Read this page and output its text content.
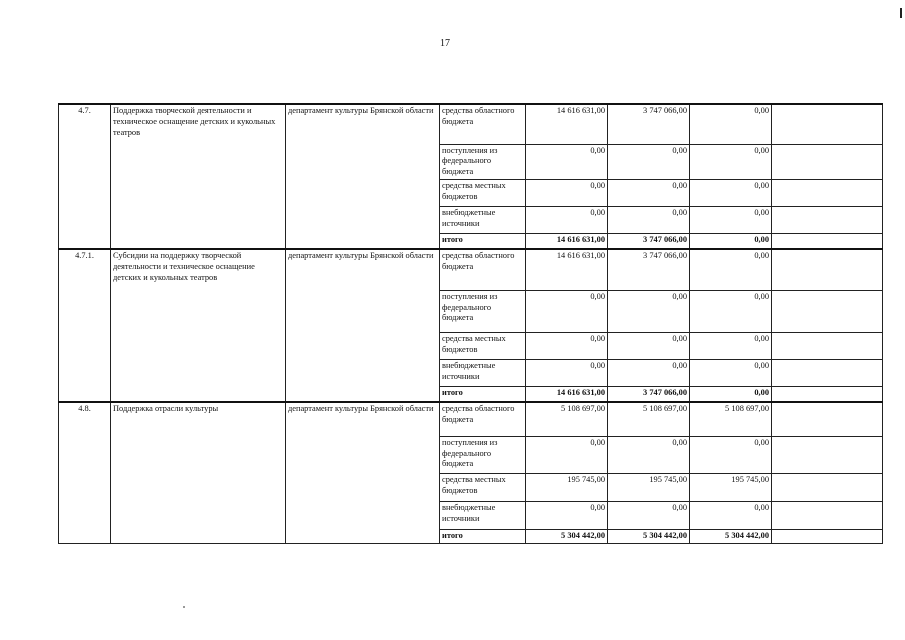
17
4.7.	Поддержка творческой деятельности и техническое оснащение детских и кукольных театров	департамент культуры Брянской области	средства областного бюджета	14 616 631,00	3 747 066,00	0,00	
			поступления из федерального бюджета	0,00	0,00	0,00	
			средства местных бюджетов	0,00	0,00	0,00	
			внебюджетные источники	0,00	0,00	0,00	
			итого	14 616 631,00	3 747 066,00	0,00	
4.7.1.	Субсидии на поддержку творческой деятельности и техническое оснащение детских и кукольных театров	департамент культуры Брянской области	средства областного бюджета	14 616 631,00	3 747 066,00	0,00	
			поступления из федерального бюджета	0,00	0,00	0,00	
			средства местных бюджетов	0,00	0,00	0,00	
			внебюджетные источники	0,00	0,00	0,00	
			итого	14 616 631,00	3 747 066,00	0,00	
4.8.	Поддержка отрасли культуры	департамент культуры Брянской области	средства областного бюджета	5 108 697,00	5 108 697,00	5 108 697,00	
			поступления из федерального бюджета	0,00	0,00	0,00	
			средства местных бюджетов	195 745,00	195 745,00	195 745,00	
			внебюджетные источники	0,00	0,00	0,00	
			итого	5 304 442,00	5 304 442,00	5 304 442,00	
